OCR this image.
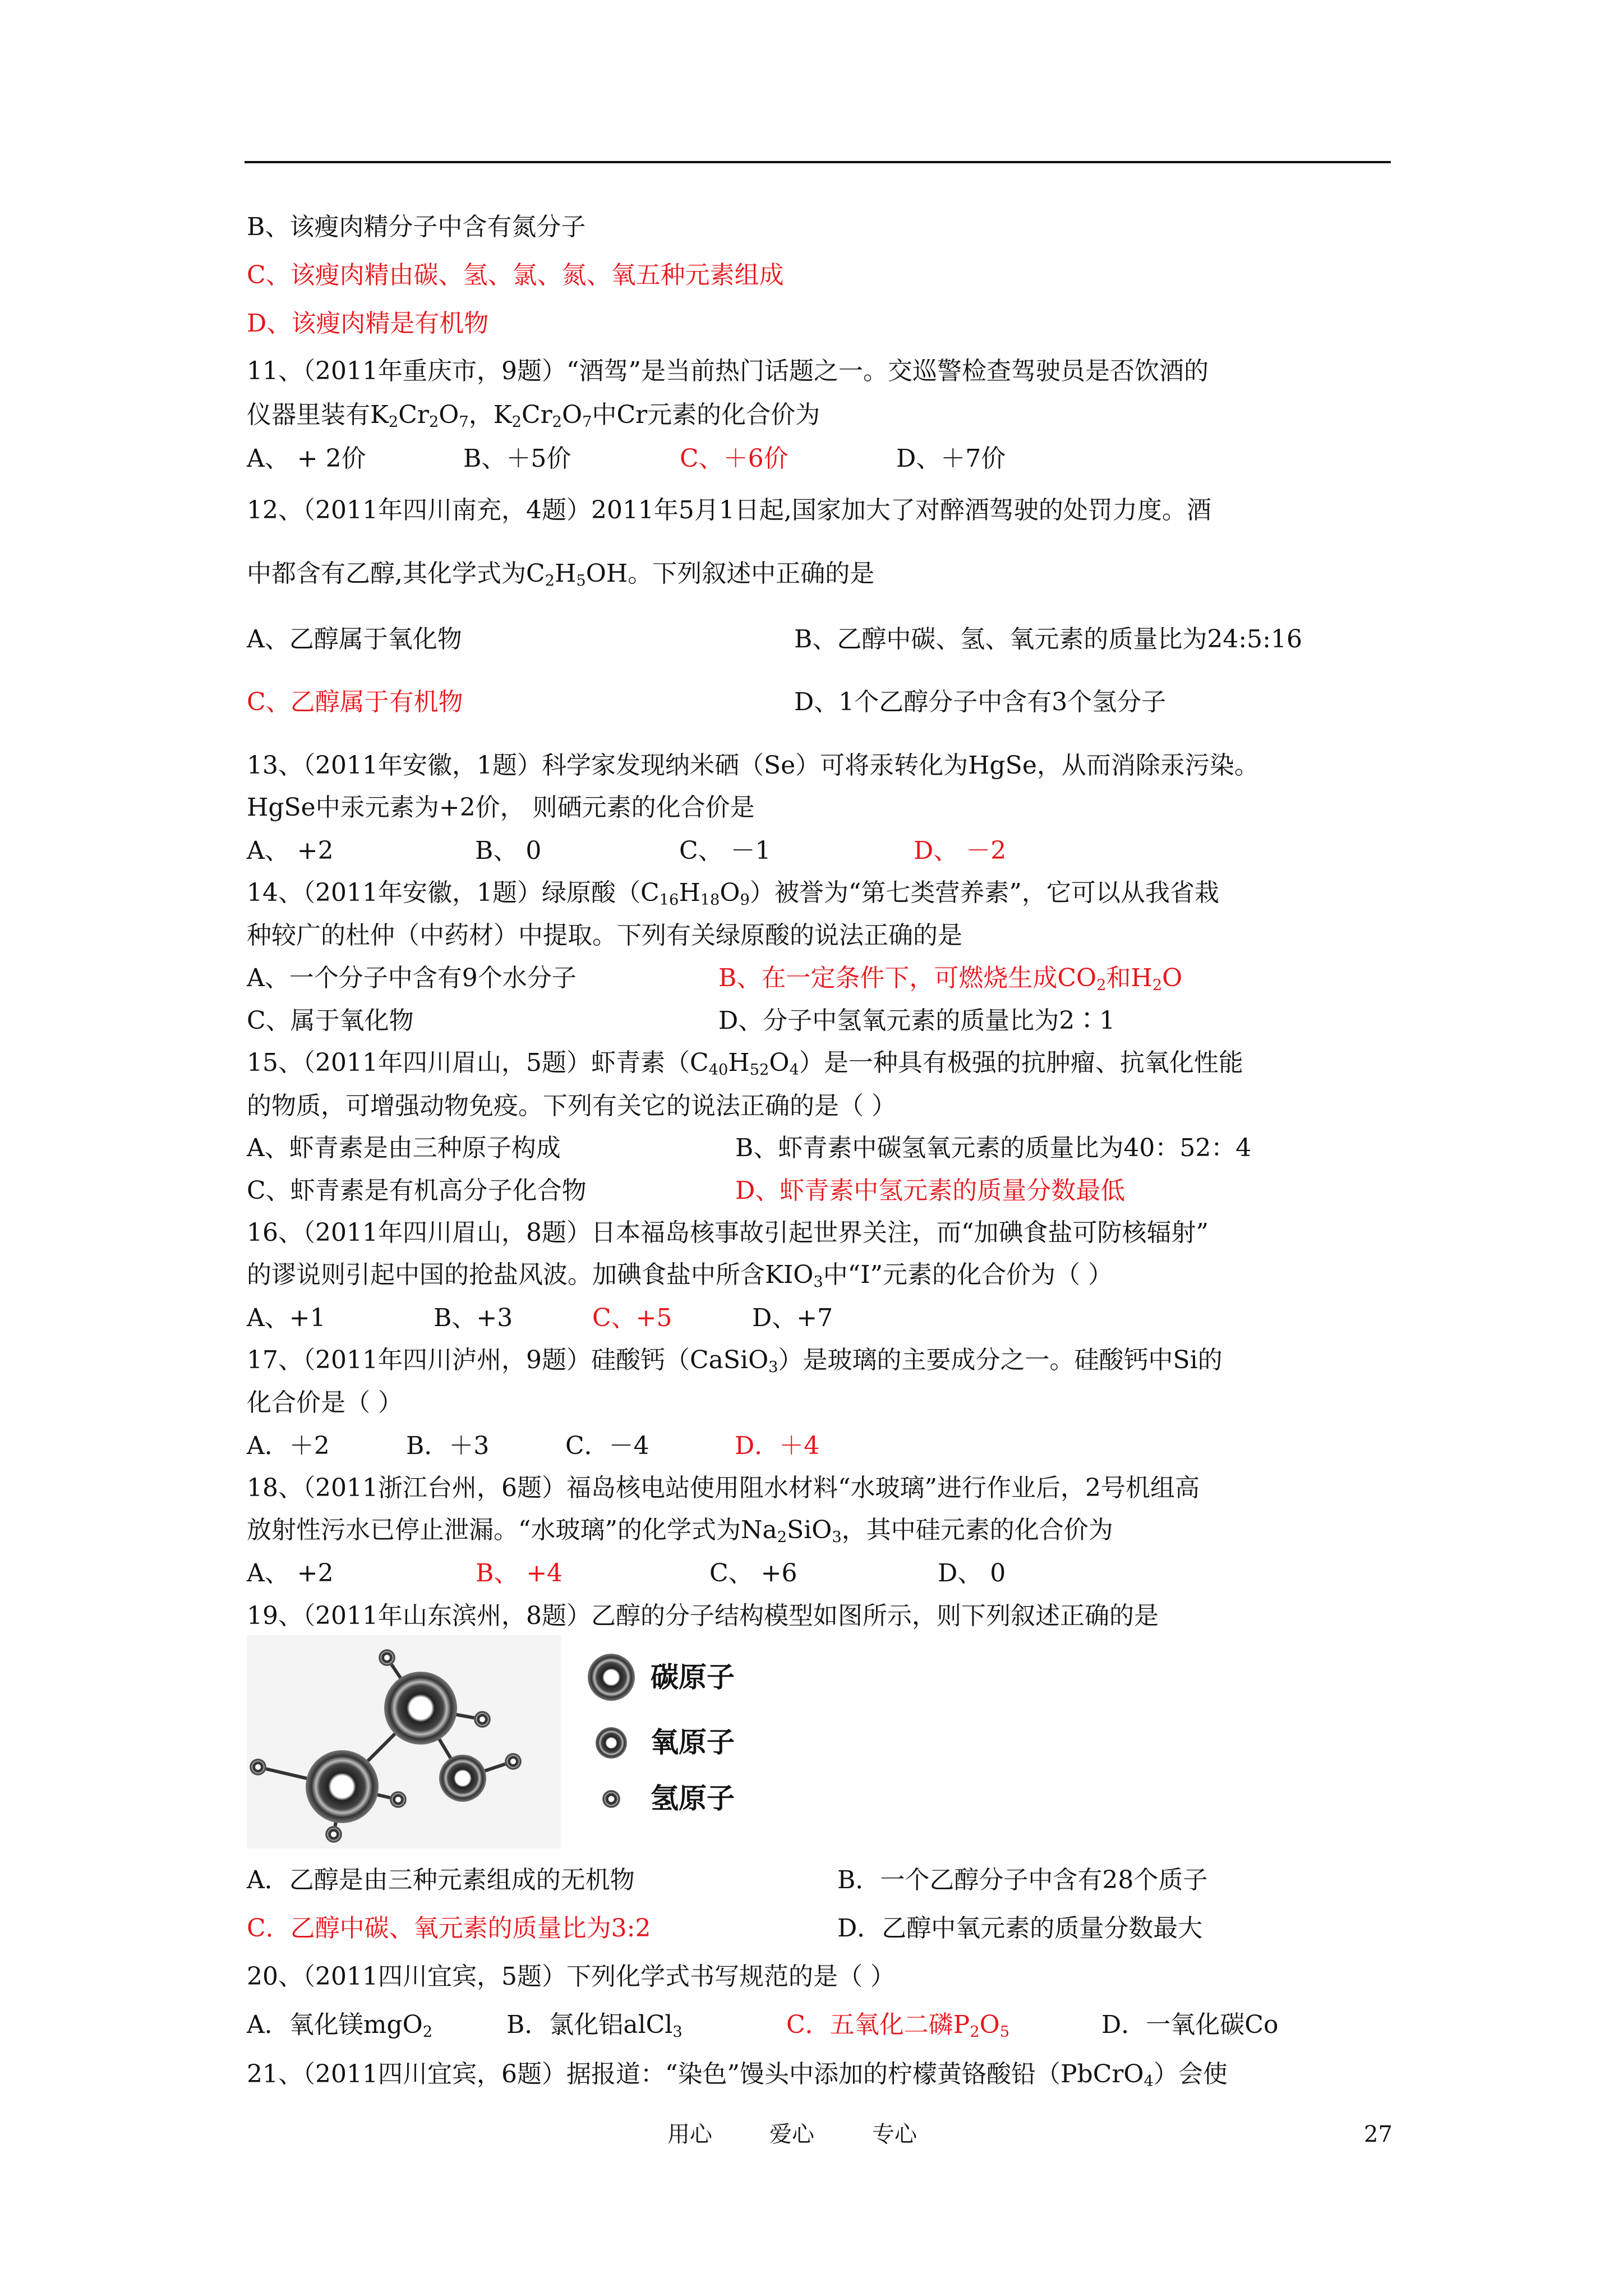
B、该瘦肉精分子中含有氮分子
C、该瘦肉精由碳、氢、氯、氮、氧五种元素组成
D、该瘦肉精是有机物
11、（2011年重庆市，9题）“酒驾”是当前热门话题之一。交巡警检查驾驶员是否饮酒的
仪器里装有$K_2Cr_2O_7$，$K_2Cr_2O_7$中Cr元素的化合价为
A、 + 2价	B、＋5价	C、＋6价	D、＋7价
12、（2011年四川南充，4题）2011年5月1日起,国家加大了对醉酒驾驶的处罚力度。酒
中都含有乙醇,其化学式为$C_2H_5OH$。下列叙述中正确的是
A、乙醇属于氧化物	B、乙醇中碳、氢、氧元素的质量比为24:5:16
C、乙醇属于有机物	D、1个乙醇分子中含有3个氢分子
13、（2011年安徽，1题）科学家发现纳米硒（Se）可将汞转化为HgSe，从而消除汞污染。
HgSe中汞元素为+2价， 则硒元素的化合价是
A、 +2	B、 0	C、 －1	D、 －2
14、（2011年安徽，1题）绿原酸$(C_{16}H_{18}O_9)$被誉为“第七类营养素”，它可以从我省栽
种较广的杜仲（中药材）中提取。下列有关绿原酸的说法正确的是
A、一个分子中含有9个水分子	B、在一定条件下，可燃烧生成$CO_2$和$H_2O$
C、属于氧化物	D、分子中氢氧元素的质量比为2∶1
15、（2011年四川眉山，5题）虾青素$(C_{40}H_{52}O_4)$是一种具有极强的抗肿瘤、抗氧化性能
的物质，可增强动物免疫。下列有关它的说法正确的是（ ）
A、虾青素是由三种原子构成	B、虾青素中碳氢氧元素的质量比为40：52：4
C、虾青素是有机高分子化合物	D、虾青素中氢元素的质量分数最低
16、（2011年四川眉山，8题）日本福岛核事故引起世界关注，而“加碘食盐可防核辐射”
的谬说则引起中国的抢盐风波。加碘食盐中所含$KIO_3$中“I”元素的化合价为（ ）
A、+1	B、+3	C、+5	D、+7
17、（2011年四川泸州，9题）硅酸钙（CaSiO$_3$）是玻璃的主要成分之一。硅酸钙中Si的
化合价是（ ）
A．＋2	B．＋3	C．－4	D．＋4
18、（2011浙江台州，6题）福岛核电站使用阻水材料“水玻璃”进行作业后，2号机组高
放射性污水已停止泄漏。“水玻璃”的化学式为$Na_2SiO_3$，其中硅元素的化合价为
A、 +2	B、 +4	C、 +6	D、 0
19、（2011年山东滨州，8题）乙醇的分子结构模型如图所示，则下列叙述正确的是
碳原子
氧原子
氢原子
A．乙醇是由三种元素组成的无机物	B．一个乙醇分子中含有28个质子
C．乙醇中碳、氧元素的质量比为3:2	D．乙醇中氧元素的质量分数最大
20、（2011四川宜宾，5题）下列化学式书写规范的是（ ）
A．氧化镁mgO$_2$	B．氯化铝alCl$_3$	C．五氧化二磷$P_2O_5$	D．一氧化碳Co
21、（2011四川宜宾，6题）据报道：“染色”馒头中添加的柠檬黄铬酸铅（PbCrO$_4$）会使
用心	爱心	专心	27
